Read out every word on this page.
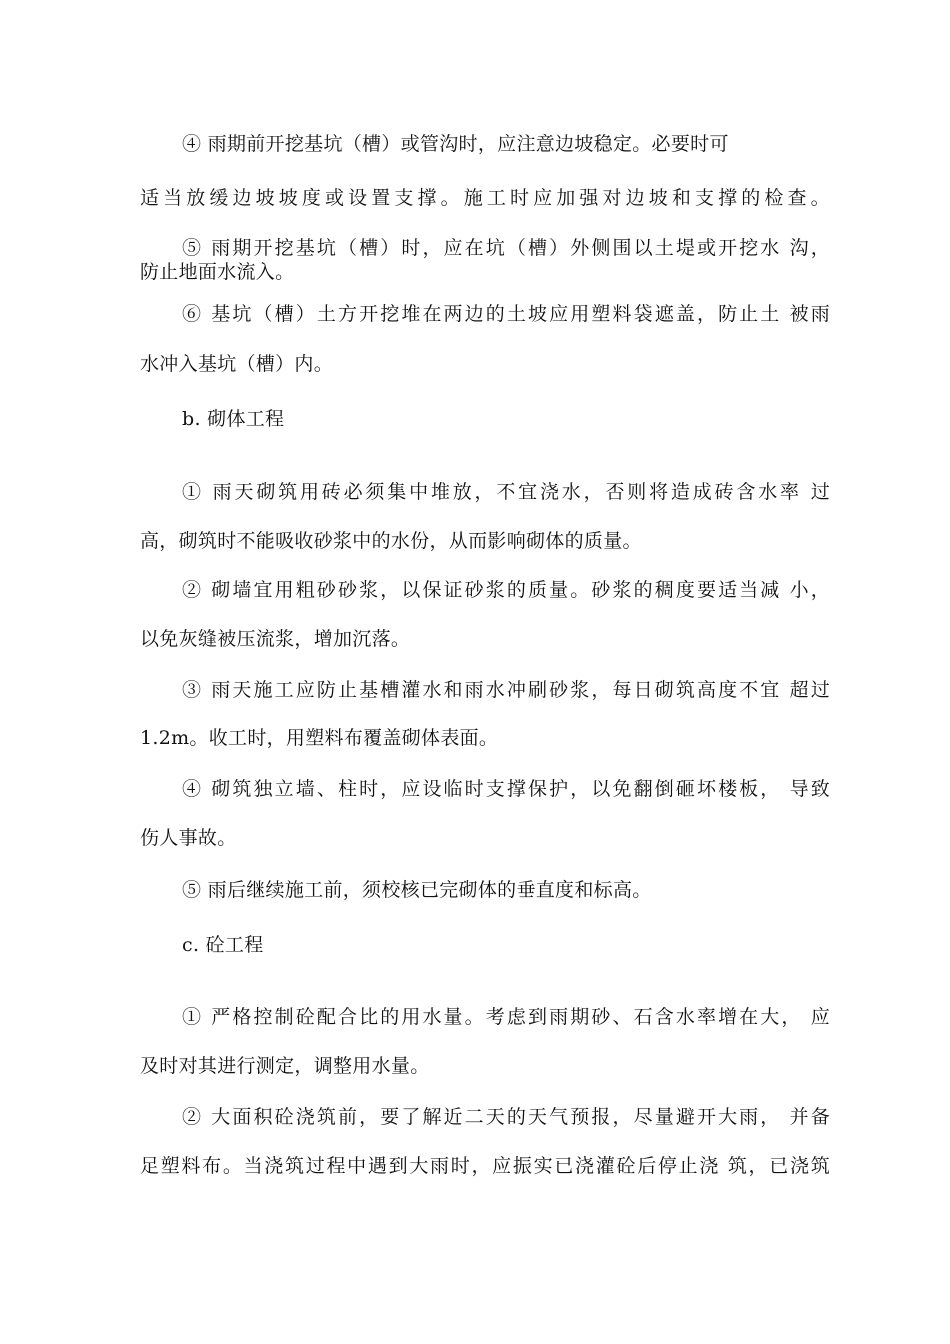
④ 雨期前开挖基坑（槽）或管沟时，应注意边坡稳定。必要时可
适当放缓边坡坡度或设置支撑。施工时应加强对边坡和支撑的检查。
⑤ 雨期开挖基坑（槽）时，应在坑（槽）外侧围以土堤或开挖水 沟，
防止地面水流入。
⑥ 基坑（槽）土方开挖堆在两边的土坡应用塑料袋遮盖，防止土 被雨
水冲入基坑（槽）内。
b. 砌体工程
① 雨天砌筑用砖必须集中堆放，不宜浇水，否则将造成砖含水率 过
高，砌筑时不能吸收砂浆中的水份，从而影响砌体的质量。
② 砌墙宜用粗砂砂浆，以保证砂浆的质量。砂浆的稠度要适当减 小，
以免灰缝被压流浆，增加沉落。
③ 雨天施工应防止基槽灌水和雨水冲刷砂浆，每日砌筑高度不宜 超过
1.2m。收工时，用塑料布覆盖砌体表面。
④ 砌筑独立墙、柱时，应设临时支撑保护，以免翻倒砸坏楼板， 导致
伤人事故。
⑤ 雨后继续施工前，须校核已完砌体的垂直度和标高。
c. 砼工程
① 严格控制砼配合比的用水量。考虑到雨期砂、石含水率增在大， 应
及时对其进行测定，调整用水量。
② 大面积砼浇筑前，要了解近二天的天气预报，尽量避开大雨， 并备
足塑料布。当浇筑过程中遇到大雨时，应振实已浇灌砼后停止浇 筑，已浇筑
